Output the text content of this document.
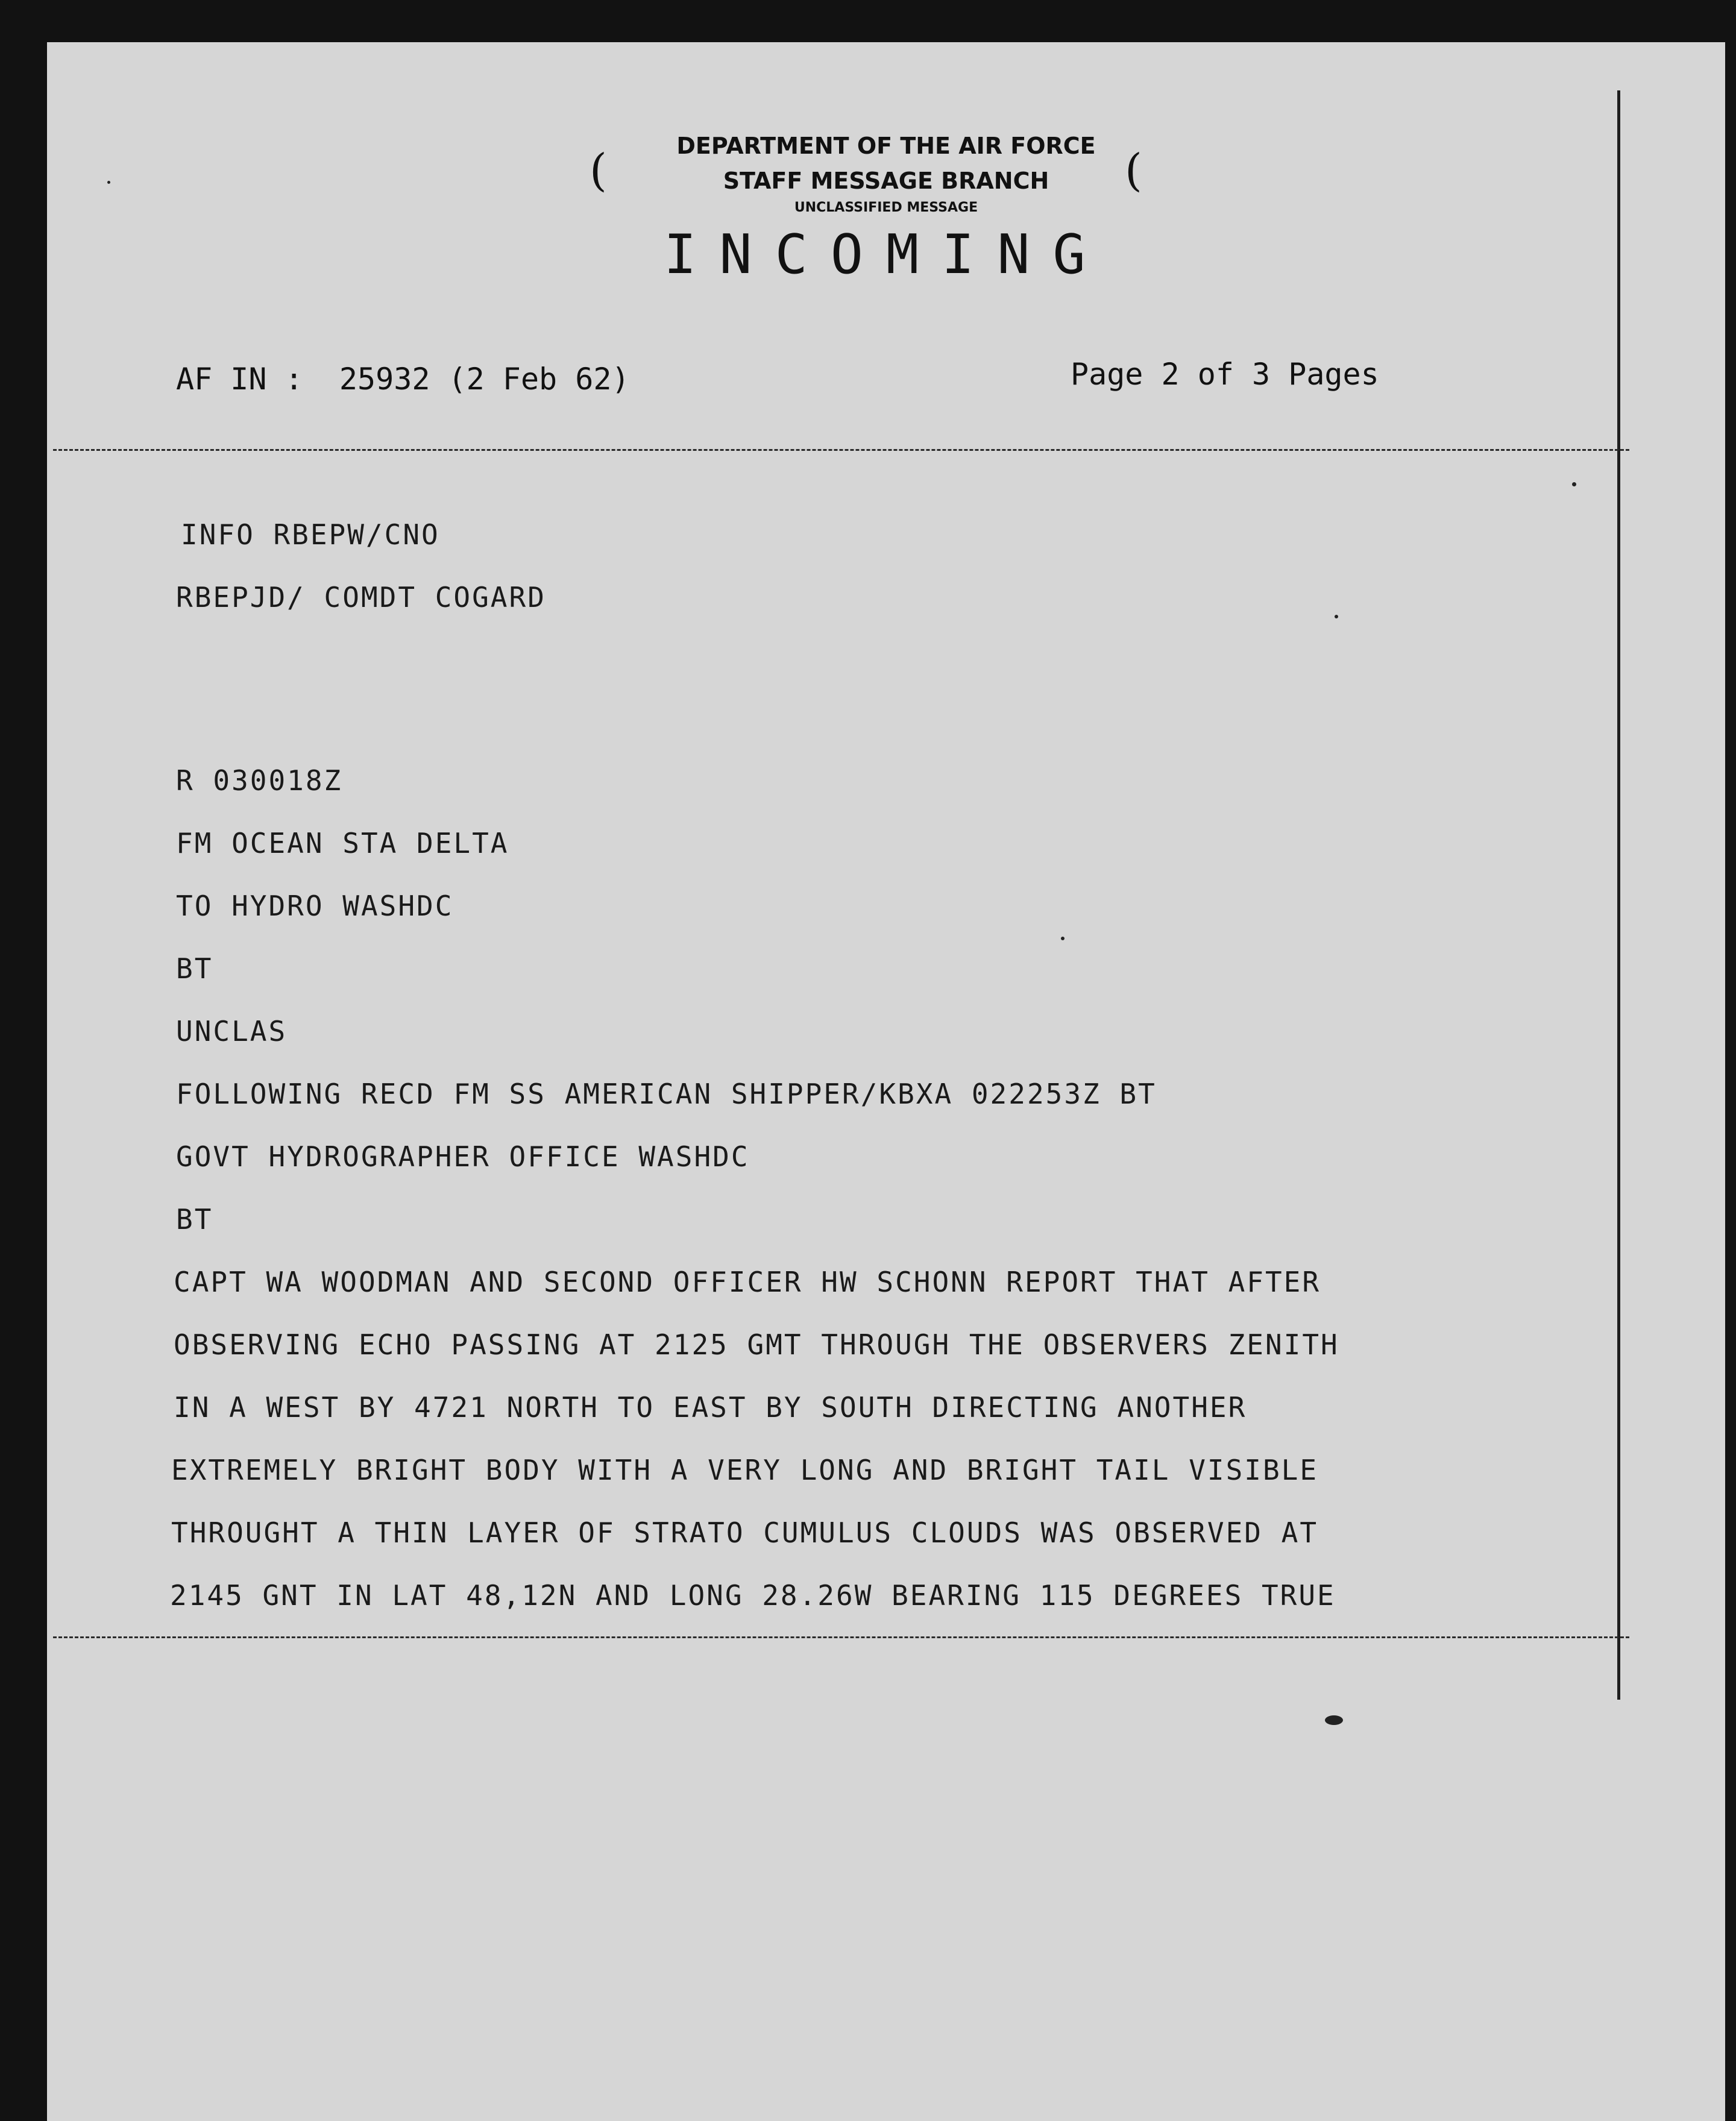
(	(
DEPARTMENT OF THE AIR FORCE
STAFF MESSAGE BRANCH
UNCLASSIFIED MESSAGE
INCOMING
AF IN :  25932 (2 Feb 62)	Page 2 of 3 Pages
INFO RBEPW/CNO
RBEPJD/ COMDT COGARD
R 030018Z
FM OCEAN STA DELTA
TO HYDRO WASHDC
BT
UNCLAS
FOLLOWING RECD FM SS AMERICAN SHIPPER/KBXA 022253Z BT
GOVT HYDROGRAPHER OFFICE WASHDC
BT
CAPT WA WOODMAN AND SECOND OFFICER HW SCHONN REPORT THAT AFTER
OBSERVING ECHO PASSING AT 2125 GMT THROUGH THE OBSERVERS ZENITH
IN A WEST BY 4721 NORTH TO EAST BY SOUTH DIRECTING ANOTHER
EXTREMELY BRIGHT BODY WITH A VERY LONG AND BRIGHT TAIL VISIBLE
THROUGHT A THIN LAYER OF STRATO CUMULUS CLOUDS WAS OBSERVED AT
2145 GNT IN LAT 48,12N AND LONG 28.26W BEARING 115 DEGREES TRUE
